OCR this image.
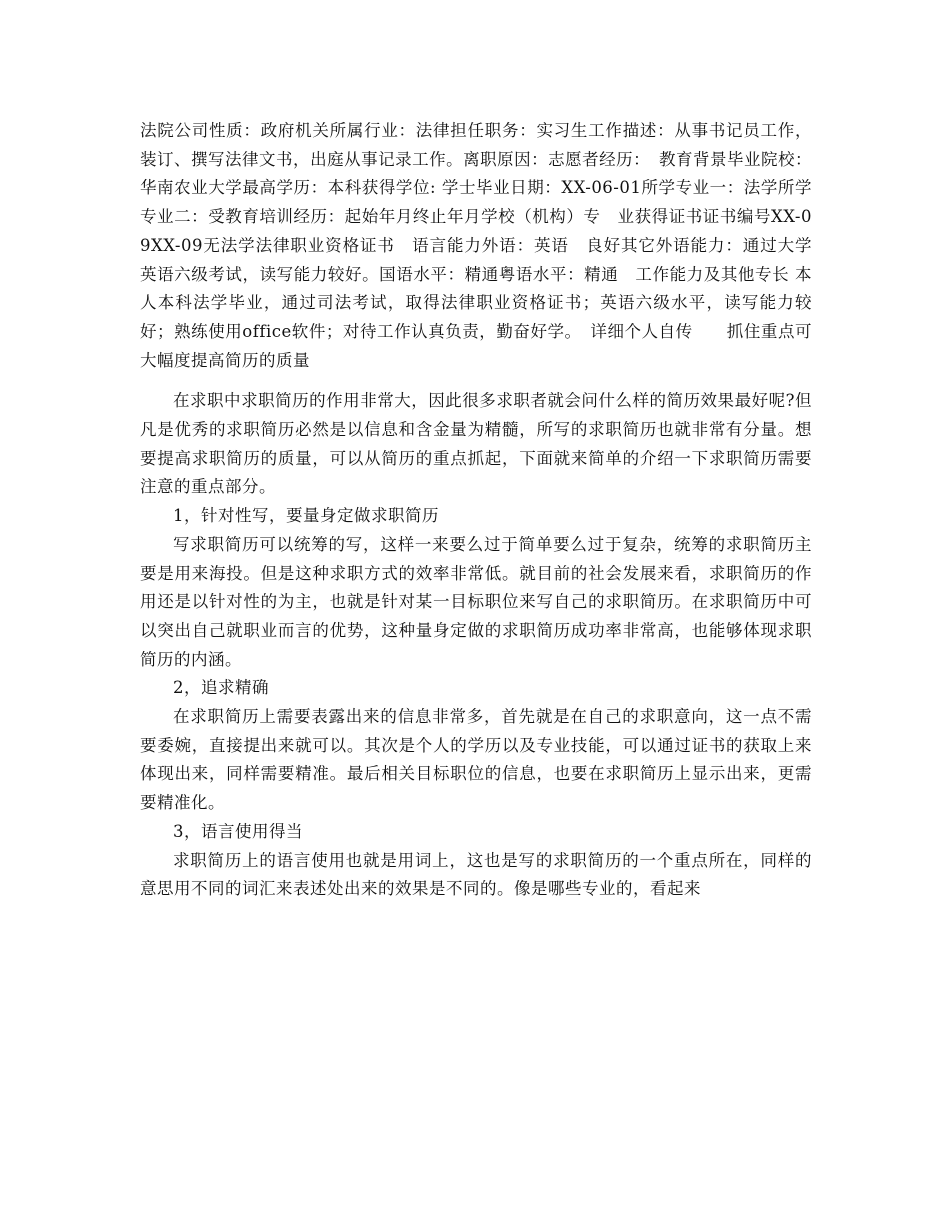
法院公司性质：政府机关所属行业：法律担任职务：实习生工作描述：从事书记员工作，装订、撰写法律文书，出庭从事记录工作。离职原因：志愿者经历：　教育背景毕业院校：华南农业大学最高学历：本科获得学位: 学士毕业日期：XX-06-01所学专业一：法学所学专业二：受教育培训经历：起始年月终止年月学校（机构）专　业获得证书证书编号XX-09XX-09无法学法律职业资格证书　语言能力外语：英语　良好其它外语能力：通过大学英语六级考试，读写能力较好。国语水平：精通粤语水平：精通　工作能力及其他专长 本人本科法学毕业，通过司法考试，取得法律职业资格证书；英语六级水平，读写能力较好；熟练使用office软件；对待工作认真负责，勤奋好学。　详细个人自传　　抓住重点可大幅度提高简历的质量

在求职中求职简历的作用非常大，因此很多求职者就会问什么样的简历效果最好呢?但凡是优秀的求职简历必然是以信息和含金量为精髓，所写的求职简历也就非常有分量。想要提高求职简历的质量，可以从简历的重点抓起，下面就来简单的介绍一下求职简历需要注意的重点部分。

1，针对性写，要量身定做求职简历

写求职简历可以统筹的写，这样一来要么过于简单要么过于复杂，统筹的求职简历主要是用来海投。但是这种求职方式的效率非常低。就目前的社会发展来看，求职简历的作用还是以针对性的为主，也就是针对某一目标职位来写自己的求职简历。在求职简历中可以突出自己就职业而言的优势，这种量身定做的求职简历成功率非常高，也能够体现求职简历的内涵。

2，追求精确

在求职简历上需要表露出来的信息非常多，首先就是在自己的求职意向，这一点不需要委婉，直接提出来就可以。其次是个人的学历以及专业技能，可以通过证书的获取上来体现出来，同样需要精准。最后相关目标职位的信息，也要在求职简历上显示出来，更需要精准化。

3，语言使用得当

求职简历上的语言使用也就是用词上，这也是写的求职简历的一个重点所在，同样的意思用不同的词汇来表述处出来的效果是不同的。像是哪些专业的，看起来
